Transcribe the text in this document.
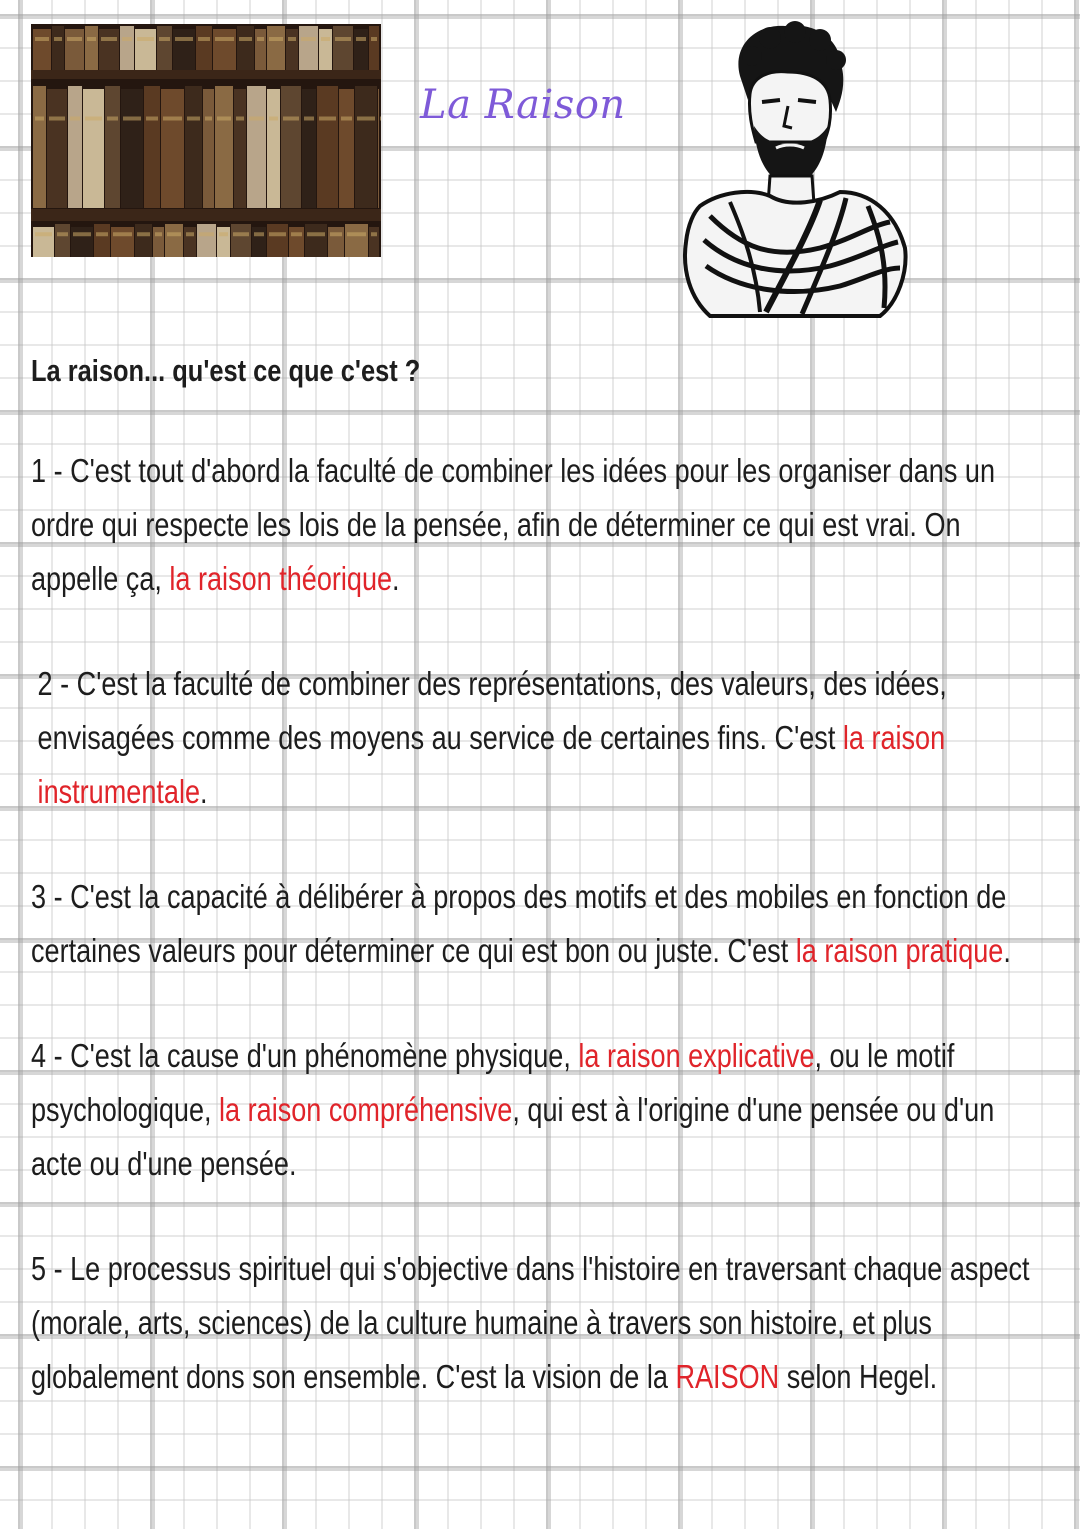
La Raison

La raison... qu'est ce que c'est ?

1 - C'est tout d'abord la faculté de combiner les idées pour les organiser dans un ordre qui respecte les lois de la pensée, afin de déterminer ce qui est vrai. On appelle ça, la raison théorique.

2 - C'est la faculté de combiner des représentations, des valeurs, des idées, envisagées comme des moyens au service de certaines fins. C'est la raison instrumentale.

3 - C'est la capacité à délibérer à propos des motifs et des mobiles en fonction de certaines valeurs pour déterminer ce qui est bon ou juste. C'est la raison pratique.

4 - C'est la cause d'un phénomène physique, la raison explicative, ou le motif psychologique, la raison compréhensive, qui est à l'origine d'une pensée ou d'un acte ou d'une pensée.

5 - Le processus spirituel qui s'objective dans l'histoire en traversant chaque aspect (morale, arts, sciences) de la culture humaine à travers son histoire, et plus globalement dons son ensemble. C'est la vision de la RAISON selon Hegel.
